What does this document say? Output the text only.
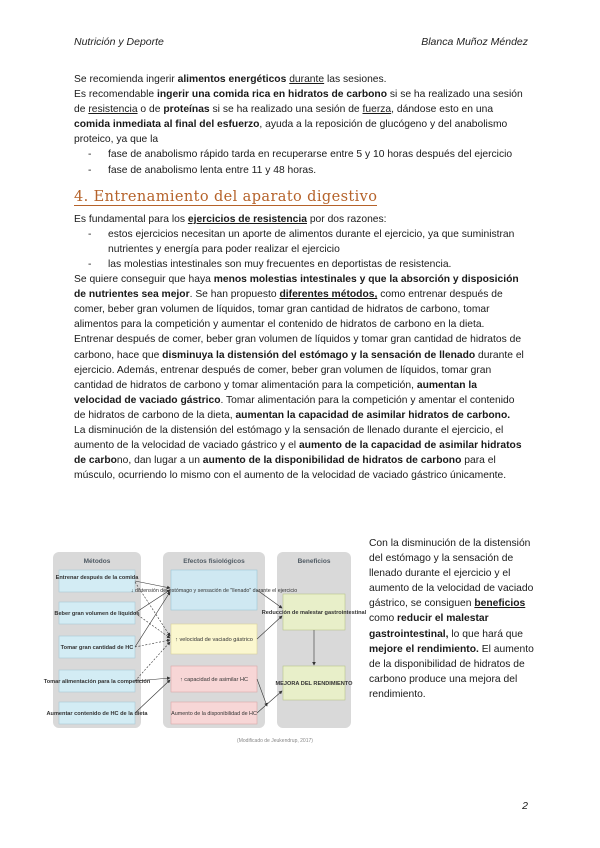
Nutrición y Deporte	Blanca Muñoz Méndez

Se recomienda ingerir alimentos energéticos durante las sesiones.

Es recomendable ingerir una comida rica en hidratos de carbono si se ha realizado una sesión de resistencia o de proteínas si se ha realizado una sesión de fuerza, dándose esto en una comida inmediata al final del esfuerzo, ayuda a la reposición de glucógeno y del anabolismo proteico, ya que la

- fase de anabolismo rápido tarda en recuperarse entre 5 y 10 horas después del ejercicio
- fase de anabolismo lenta entre 11 y 48 horas.
4. Entrenamiento del aparato digestivo

Es fundamental para los ejercicios de resistencia por dos razones:

- estos ejercicios necesitan un aporte de alimentos durante el ejercicio, ya que suministran nutrientes y energía para poder realizar el ejercicio
- las molestias intestinales son muy frecuentes en deportistas de resistencia.

Se quiere conseguir que haya menos molestias intestinales y que la absorción y disposición de nutrientes sea mejor. Se han propuesto diferentes métodos, como entrenar después de comer, beber gran volumen de líquidos, tomar gran cantidad de hidratos de carbono, tomar alimentos para la competición y aumentar el contenido de hidratos de carbono en la dieta.

Entrenar después de comer, beber gran volumen de líquidos y tomar gran cantidad de hidratos de carbono, hace que disminuya la distensión del estómago y la sensación de llenado durante el ejercicio. Además, entrenar después de comer, beber gran volumen de líquidos, tomar gran cantidad de hidratos de carbono y tomar alimentación para la competición, aumentan la velocidad de vaciado gástrico. Tomar alimentación para la competición y amentar el contenido de hidratos de carbono de la dieta, aumentan la capacidad de asimilar hidratos de carbono.

La disminución de la distensión del estómago y la sensación de llenado durante el ejercicio, el aumento de la velocidad de vaciado gástrico y el aumento de la capacidad de asimilar hidratos de carbono, dan lugar a un aumento de la disponibilidad de hidratos de carbono para el músculo, ocurriendo lo mismo con el aumento de la velocidad de vaciado gástrico únicamente.

Métodos	Efectos fisiológicos	Beneficios
Entrenar después de la comida
Beber gran volumen de líquidos
Tomar gran cantidad de HC
Tomar alimentación para la competición
Aumentar contenido de HC de la dieta
↓ distensión del estómago y sensación de "llenado" durante el ejercicio
↑ velocidad de vaciado gástrico
↑ capacidad de asimilar HC
Aumento de la disponibilidad de HC
Reducción de malestar gastrointestinal
MEJORA DEL RENDIMIENTO
(Modificado de Jeukendrup, 2017)
Con la disminución de la distensión del estómago y la sensación de llenado durante el ejercicio y el aumento de la velocidad de vaciado gástrico, se consiguen beneficios como reducir el malestar gastrointestinal, lo que hará que mejore el rendimiento. El aumento de la disponibilidad de hidratos de carbono produce una mejora del rendimiento.
2
